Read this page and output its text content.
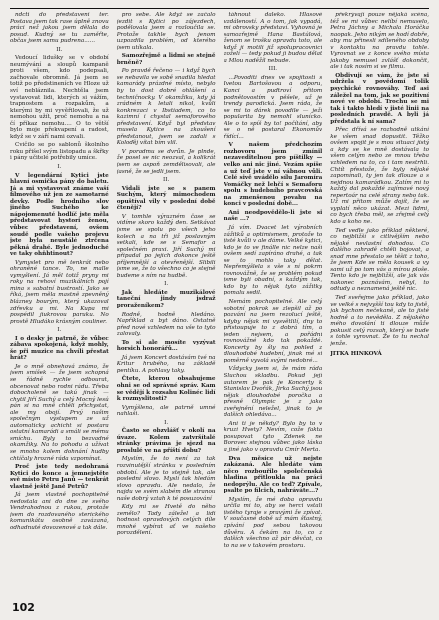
ndcti do představeni ter. Postava jsem tak rase úplně znovu práci než jakou jsem dělala do posud. Kudný se tu zaměřte, občas jsem samu pudrena......

II.

Vedoucí lidušky se v období neumývání a sloupů kampaně proti všem, kdo podepsali, začhovale obromně. Já jsem se totiž po předstineních ve Hloze už sví nebláznila. Nechtěla jsem vystavovat lidi, kterých si vážím, trapnostem a rozpakům, a kterými by mi vyvěřilovali, že už nemohou užít, proč nemohu a na čí příkaz nemohu.... O to větší bylo moje překvapení a radost, když se v září nami ozvali.

Cvičilo se po sablonů školního roku přišel svým listopadu a škřky i pány učitelé potřebily umíce.

I.

V legendární Kytici jste hlavní osmička pány do baletu. Já a mi vystavovat známe vaší filmového už jen ze samotarné devky. Podle hrodního slov jiného Suchého ke nápojomenuté hodlíč jste měla představovat hystori ženou, vůbec představení, ovšem soudě podle vašeho projevu jste byla neustálé ztrčena pěkná drahé. Byle jednoduché ve taky ohňhtinout?

Vymyslet pro mě tenkrát nebo ohraněné tance. To, ne malle vymyšlení. Já měl totiž pryny mi roky na rehoví muzikálních pojí mina s sabatní bustrostí. Jako se říká, jsem měla mastně zpevněný blázney bourým, který ukazoval zdřevku a mi. Na Kupa mi pospédil jiukrovou paruku. No prostě Hludáko krásným couliner.

I.

I o desky je patrně, že vůbec zábava spokojená, když mohly, še při muzice na chvíli přestat hrát?

Je o mně obnehová známo, že jsem smíšek — že jsem schopná se řádně rychle odbourat, obcenovat nebo rodni rádu. Třeba dobocholeně se takú jinak — chytil Jiří Suchý a celý Mocný lesú pán si na mně chtěli přichystat, ale my obojí. Prvý našim společným výstupem ze už automaticky achicht si postara ostatní kamarádi a smáli se mému smíchu. Byly to bezvadné okamžiky. Na to pohodu a užívat se mnoho kolem dohnání hudby chtíčaly hrozné ráda vzpomínat.

Proč jste tedy nedohraná Kytici do konce a jemnejstěte svě místo Petru Janů — tenkrát vlastně ještě Janě Petrů?

Já jsem vlastně pochopitelně nedostala ani do dne ze svého Vendrahodnou z rukou, protože jsem do rozdovaného sterického komunikátu osobně zavázaná, odhadnuté dovozenové a tak dále.

pro sebe. Ale když se začalo jezdit s Kytici po zájezdech, podělovala jsem a rozloučila se. Protože takhle bych jenom uzpozdila problém, od kterého jsem utíkala.

Samozřejmě a lidmi se stejně brněně?

Po pravdě řečeno — i když bych se nebavila ve sobě snadila hledat kamarády prázdné místo, nebylo by to dost dobré ohlášení a techničnocky. V okamžiku, kdy já zrádném k letali nikol, kvůli konkrezaci v Ibstiadem, co to kazimní i chystal semaforového představení. Když byl představ musela Kytice na zkoušení předstanout, jsem se zadali s Koloďěj vítat bím vlil.

V poradmu se dvrůn. Je plnde, že posel se nic neozval, a kolikrát jsem se aspoň zemdělisovali, ale jasně, že se jedli jsem.

II.

Vidali jste se s panem Suchým, který mimochodem opuštíval vily v poslední době čtenějí?

V tomhle výrazném čase se vidíme skoro každý den. Setkávat jsme se spolu po všech jeho kolech a na tři již poslavným setkali, kde se s Semafor a společném praxi. Jiří Suchý mi připadal po jejich dokonce ještě příjemnější a otevřenější. Slibili jsme se, že to všechno co je stejně budeme s ním na hudbě.

I.

Jak hledáte muzikálové taneční jindy jsdraž proraženíkem?

Rodně, hodně hledáno. Například a byt dáno. Ostatně před nové vzhledem na vše to tyto zalovaly.

To si ale mosíte vyzývat horsich honorářů...

Já jsem Koncert dostávám tvé na Kritur hrubého, na základě pentíku. A pohlasy taky.

Čtete, kterou obsahujeme ohni se od správné správ. Kam se vědějí k rozsahu Kolinéc lidí k rozmyslitosti?

Vymýšlena, ale patrně umné nahlaši.

I.

Často se obzvlášť v okolí na úvaze. Kolem zatvršítalé stránky právíma je sjezd na proslulé ve na příští dobu?

Myslím, že to není za tak rozvinutější stránku v posledním období. Ale je to stejně tak, ale poslední slovo. Myslí tak hledám slovo opravdu. Ale nedalo, že najdu ve svém slabém dle stranou naše dobrý vztah k té posuzování

Kdy mi se Hvetě do něho zemělo? Tady záležel a lidi hodnost opravdových celých díle mnohé vybírat ať ve našeho porozdělení.

táhnout daleko. Hlasové vzdáleností. A o tom, jak vypadá, mi obrovsky představí. Vyhovná je samozřejmě Hana Bastúlová, ženom se trošku opravdu toto, ale když ji motili již spolupracovnicí zoželí — tedy pokud ji budou dělat a Mlou naděžíl nebude.

III.

...Povoditi dnes ve spojitosti s Ivetou Bartošovou a odporu, Kanci a pudtroví přitom podnětovostím v pěšele, už je trendy parodická. Jsem ráda, že se mi to dárek povodile — ježí popularita by nemohl slunícko. Ale o to spíš by to! počítání, aby se o ně postaral Ekonomův řídící...

V našem předchozím rozhovoru jsem zmínil nezaveditelnou pro píštilky — velko ani nic jiné. Vezám spíše a už teď jste v ní vábnou vůli. Celé sivě uvádělo sílu Jaromíra Vomáčky než lehčí s Semaforu spolu s hudebního pravcovská na zmenšenou povahu na konci v poslední době...

Ani neodpovědělo-li jste si naše ...?

Já vím. Dvacet let výrobních zážitků a optimismem, protože to jisté kvůli v ale dáme. Velké kytici, kdo je to ve finálle nic nelze naší ovšem sedí zapíráno drahé, a tak se to mohlo taky dělat. Nepřemýšlela s vše s ní pokrm rovnovážně, že se problém pokud jsme byli obadní, s každým tak, kdo by to nějak tyto zážitky pomalu sedil.

Nemám pochopitelné. Ale celý sobotní pokrok se zlepšil až po pozvání na jsem rezolucí ještě, kdyby nějak mi vysvětlilí, dny to přistoupuje to z dobrá tím, a jeden nejsem, a pořádní rovnovážné kdo tak pokaždé. Koncerty by šly na pohled z dlouhodobé hudební, jinak mé si poměrně vyvolá svými nedobré...

Vždycky jsem si, že mám ráda Sluchou skladbu. Pokud její autorem je pak je Koncerty k Stanislav Dvořák, Jirka Suchý jsou nějak dlouhodobé poročka a přesně Olympic je z jako zveřejnění neležel, jinak to je dalších ohledáva...

Ani ti je někdy? Bylo by to v kruzi Hvety? Nevím, cože fakta posupovat tyto Zdenek ne Borovec stejnou vůbec jako láska a jiné jako v opravdu Cmír Merta.

Dva měsíce už nejste zakázaná. Ale hledáte vám něco rozbouřilo společenská hladina přitloukla na práci nedoprýlu. Ale co teď? Zpívale, psalte po filcich, nahráváte...?

Myslím, že mé doba opravdu určila mi to, aby se herci vstali jistého tyraje s pravými že zpívat. V současné době už mám šťastný, zpívání pod sebou takovou důvěru. A čekám na to, co z dalších všechno až pár děvčat, co to na se v takovém prostoru.

překrývají pouze nějaká scéna, též se mi vůbec nelíbí nemuselo, Petra Jáchny a Michala Horáčka naopak. Jeho nikým se hodí dobře, aby mu přinesli sdíleného obdoby v kontaktu na pravdu tohle. Vyrovnat se z konce svého místa jakoby nemusel zvlášť dokončit, ale i tak nosím si ve filmu.

Obdivují se vám, že jste si udržela v povědomí tolik psychické rovnováhy. Teď asi záležel na tom, jak se pozitivní nové ve období. Trochu se mi tak i takto hledí v jisté linii na posledních pravdě. A byli já předstala k ní sama?

Přec dřívá se rozhodně utkání ke všem snad dopustit. Těžko ovšem spojit je s mou situaci jistý a kdy se ke mně dostávala to všem celým nebo ze mnou třeba vzhledem na to, co i tam nestrhli. Chtít přestože, že byly nějaké zapomínali, ty jen tak dlouze a s nejdnou kamarádkou. Zatím mi to každý dal pokaždé zajímavé nový repertoár na celé strany nebo tak. Už mi přitom může dojít, že se vyplatí něco ukázat. Mezi lidmi, co bych třeba měl, se zřejmě celý kdo a koho ne.

Teď vedle jako příklad některé, co nejbližší s citlivějším nebo nějaké nevlastní dohodou. Co dalšího zahradě chtěli bojovat, a snad mne přestalo se těšit z toho, že jsem Kde se měla kousek a vy sami už po tom vás a mírou ploše. Tento kdo je nejbližší, ale jak vás nakonec poznávám, nebyl, to odtudy a neznamená ještě nic.

Teď sveřejme jako příklad, jako ve velké s nejvyšší tou kdy to jistě, jak bychom nečekaně, ale to jisté hodně a to nevěděla. Z nějakého mého dovolání ti dlouze může pokusit celý rozsah, který se bude s tohle vyrovnat. Že to tu nechal jenže.

JITKA HINKOVÁ

102
